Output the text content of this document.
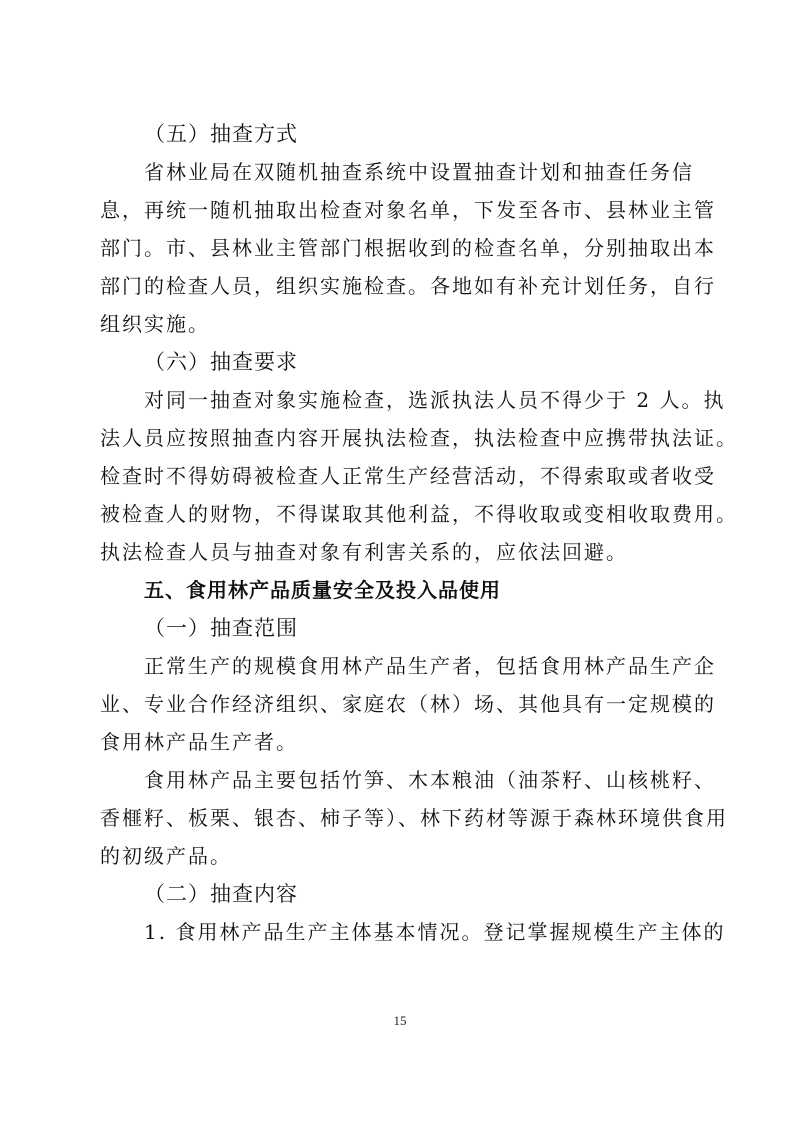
（五）抽查方式
省林业局在双随机抽查系统中设置抽查计划和抽查任务信
息，再统一随机抽取出检查对象名单，下发至各市、县林业主管
部门。市、县林业主管部门根据收到的检查名单，分别抽取出本
部门的检查人员，组织实施检查。各地如有补充计划任务，自行
组织实施。
（六）抽查要求
对同一抽查对象实施检查，选派执法人员不得少于 2 人。执
法人员应按照抽查内容开展执法检查，执法检查中应携带执法证。
检查时不得妨碍被检查人正常生产经营活动，不得索取或者收受
被检查人的财物，不得谋取其他利益，不得收取或变相收取费用。
执法检查人员与抽查对象有利害关系的，应依法回避。
五、食用林产品质量安全及投入品使用
（一）抽查范围
正常生产的规模食用林产品生产者，包括食用林产品生产企
业、专业合作经济组织、家庭农（林）场、其他具有一定规模的
食用林产品生产者。
食用林产品主要包括竹笋、木本粮油（油茶籽、山核桃籽、
香榧籽、板栗、银杏、柿子等）、林下药材等源于森林环境供食用
的初级产品。
（二）抽查内容
1. 食用林产品生产主体基本情况。登记掌握规模生产主体的
15
